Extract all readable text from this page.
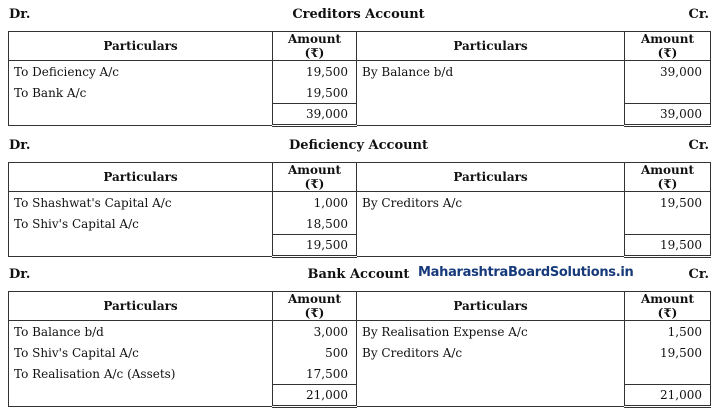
Dr.	Creditors Account	Cr.
Particulars	Amount (₹)	Particulars	Amount (₹)
To Deficiency A/c	19,500	By Balance b/d	39,000
To Bank A/c	19,500		
	39,000		39,000
Dr.	Deficiency Account	Cr.
Particulars	Amount (₹)	Particulars	Amount (₹)
To Shashwat's Capital A/c	1,000	By Creditors A/c	19,500
To Shiv's Capital A/c	18,500		
	19,500		19,500
Dr.	Bank Account MaharashtraBoardSolutions.in	Cr.
Particulars	Amount (₹)	Particulars	Amount (₹)
To Balance b/d	3,000	By Realisation Expense A/c	1,500
To Shiv's Capital A/c	500	By Creditors A/c	19,500
To Realisation A/c (Assets)	17,500		
	21,000		21,000
